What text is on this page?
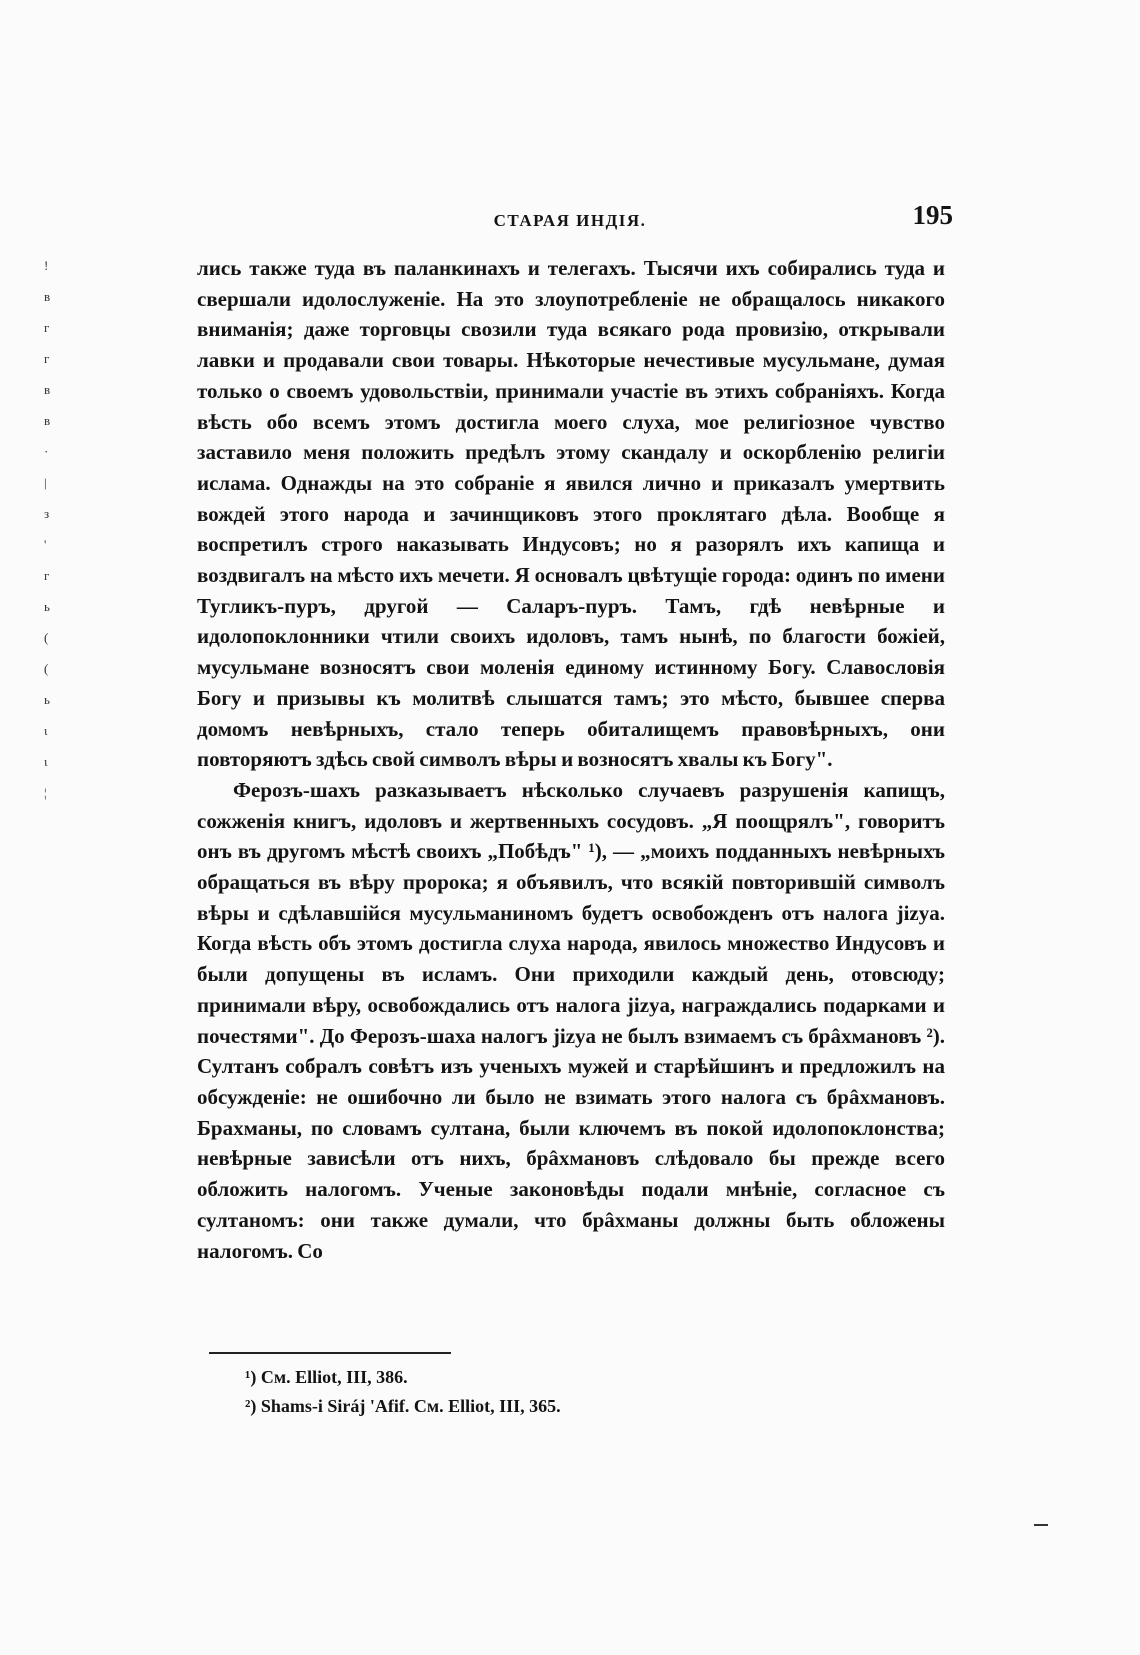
!
в
г
г
в
в
·
|
з
'
г
ь
(
(
ь
ι
ι
¦
СТАРАЯ ИНДІЯ.	195

лись также туда въ паланкинахъ и телегахъ. Тысячи ихъ собирались туда и свершали идолослуженіе. На это злоупотребленіе не обращалось никакого вниманія; даже торговцы свозили туда всякаго рода провизію, открывали лавки и продавали свои товары. Нѣкоторые нечестивые мусульмане, думая только о своемъ удовольствіи, принимали участіе въ этихъ собраніяхъ. Когда вѣсть обо всемъ этомъ достигла моего слуха, мое религіозное чувство заставило меня положить предѣлъ этому скандалу и оскорбленію религіи ислама. Однажды на это собраніе я явился лично и приказалъ умертвить вождей этого народа и зачинщиковъ этого проклятаго дѣла. Вообще я воспретилъ строго наказывать Индусовъ; но я разорялъ ихъ капища и воздвигалъ на мѣсто ихъ мечети. Я основалъ цвѣтущіе города: одинъ по имени Тугликъ-пуръ, другой — Саларъ-пуръ. Тамъ, гдѣ невѣрные и идолопоклонники чтили своихъ идоловъ, тамъ нынѣ, по благости божіей, мусульмане возносятъ свои моленія единому истинному Богу. Славословія Богу и призывы къ молитвѣ слышатся тамъ; это мѣсто, бывшее сперва домомъ невѣрныхъ, стало теперь обиталищемъ правовѣрныхъ, они повторяютъ здѣсь свой символъ вѣры и возносятъ хвалы къ Богу".

Ферозъ-шахъ разказываетъ нѣсколько случаевъ разрушенія капищъ, сожженія книгъ, идоловъ и жертвенныхъ сосудовъ. „Я поощрялъ", говоритъ онъ въ другомъ мѣстѣ своихъ „Побѣдъ" ¹), — „моихъ подданныхъ невѣрныхъ обращаться въ вѣру пророка; я объявилъ, что всякій повторившій символъ вѣры и сдѣлавшійся мусульманиномъ будетъ освобожденъ отъ налога jizya. Когда вѣсть объ этомъ достигла слуха народа, явилось множество Индусовъ и были допущены въ исламъ. Они приходили каждый день, отовсюду; принимали вѣру, освобождались отъ налога jizya, награждались подарками и почестями". До Ферозъ-шаха налогъ jizya не былъ взимаемъ съ брâхмановъ ²). Султанъ собралъ совѣтъ изъ ученыхъ мужей и старѣйшинъ и предложилъ на обсужденіе: не ошибочно ли было не взимать этого налога съ брâхмановъ. Брахманы, по словамъ султана, были ключемъ въ покой идолопоклонства; невѣрные зависѣли отъ нихъ, брâхмановъ слѣдовало бы прежде всего обложить налогомъ. Ученые законовѣды подали мнѣніе, согласное съ султаномъ: они также думали, что брâхманы должны быть обложены налогомъ. Со

¹) См. Elliot, III, 386.
²) Shams-i Siráj 'Afif. См. Elliot, III, 365.
